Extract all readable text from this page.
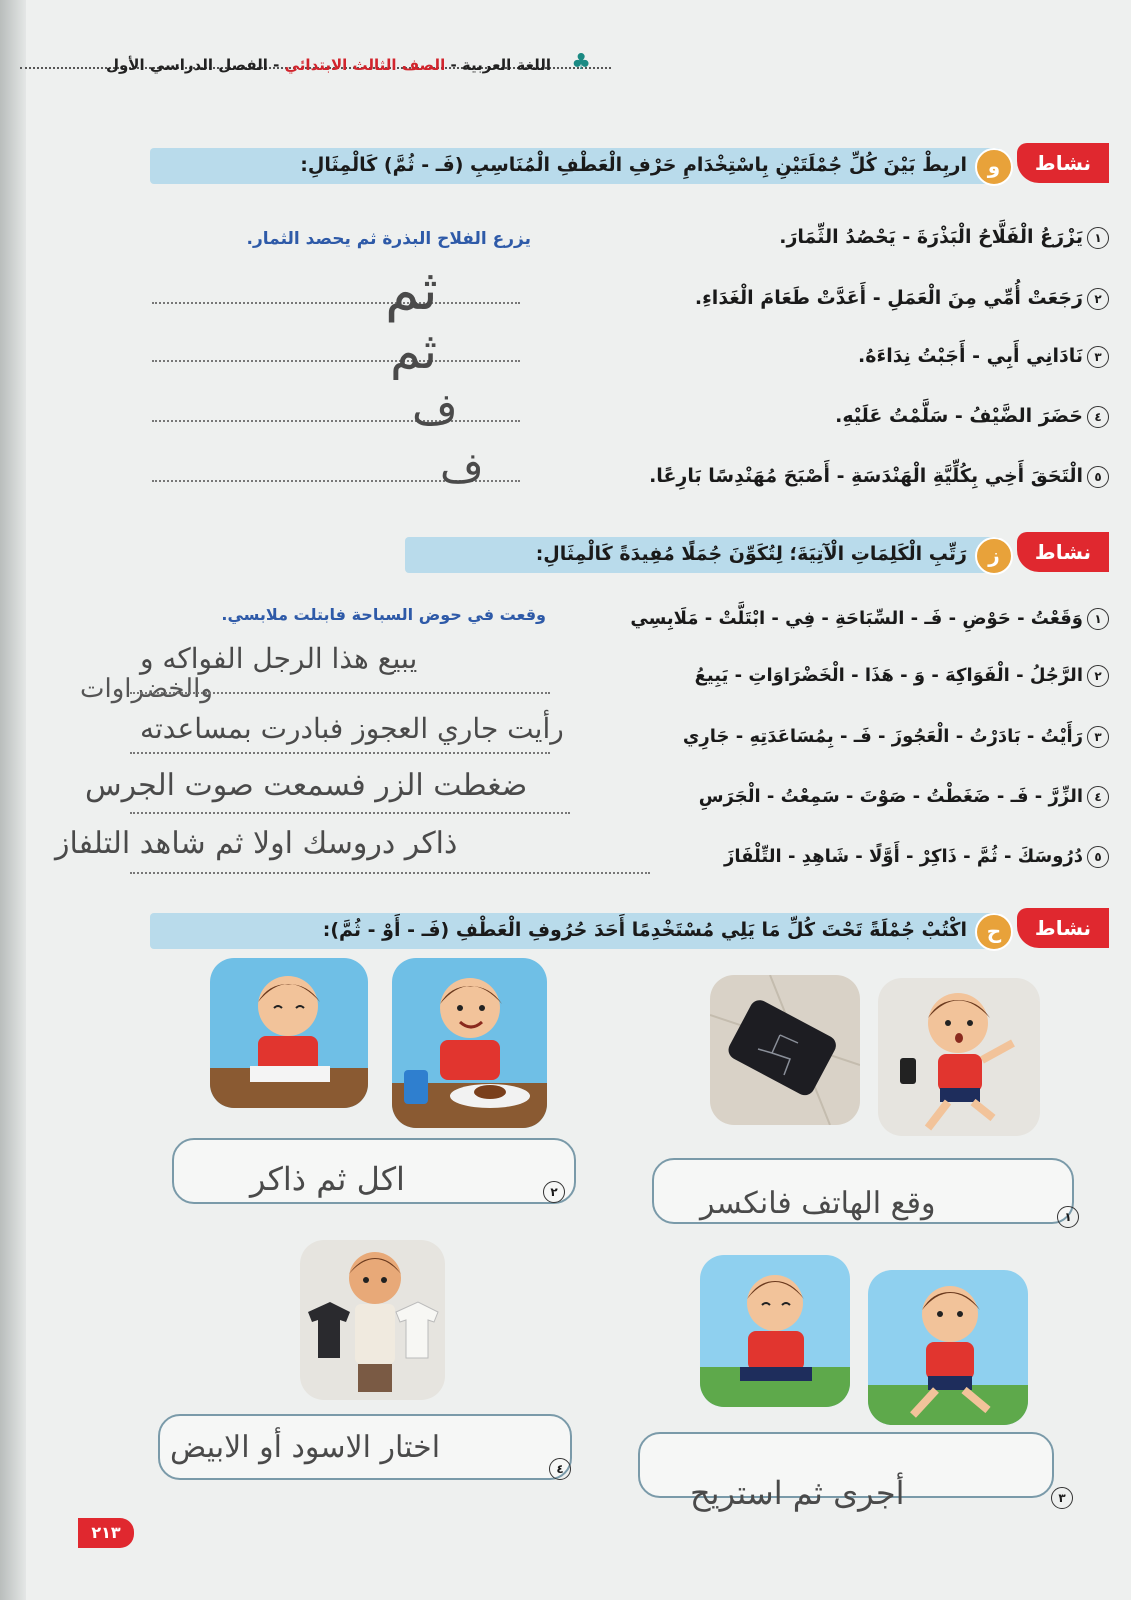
♣
اللغة العربية - الصف الثالث الابتدائي - الفصل الدراسي الأول
نشاط
و
اربِطْ بَيْنَ كُلِّ جُمْلَتَيْنِ بِاسْتِخْدَامِ حَرْفِ الْعَطْفِ الْمُنَاسِبِ (فَـ - ثُمَّ) كَالْمِثَالِ:
١يَزْرَعُ الْفَلَّاحُ الْبَذْرَةَ - يَحْصُدُ الثِّمَارَ.
يزرع الفلاح البذرة ثم يحصد الثمار.
٢رَجَعَتْ أُمِّي مِنَ الْعَمَلِ - أَعَدَّتْ طَعَامَ الْغَدَاءِ.
ثم
٣نَادَانِي أَبِي - أَجَبْتُ نِدَاءَهُ.
ثم
٤حَضَرَ الضَّيْفُ - سَلَّمْتُ عَلَيْهِ.
ف
٥الْتَحَقَ أَخِي بِكُلِّيَّةِ الْهَنْدَسَةِ - أَصْبَحَ مُهَنْدِسًا بَارِعًا.
ف
نشاط
ز
رَتِّبِ الْكَلِمَاتِ الْآتِيَةَ؛ لِتُكَوِّنَ جُمَلًا مُفِيدَةً كَالْمِثَالِ:
١وَقَعْتُ - حَوْضِ - فَـ - السِّبَاحَةِ - فِي - ابْتَلَّتْ - مَلَابِسِي
وقعت في حوض السباحة فابتلت ملابسي.
٢الرَّجُلُ - الْفَوَاكِهَ - وَ - هَذَا - الْخَضْرَاوَاتِ - يَبِيعُ
يبيع هذا الرجل الفواكه و
والخضراوات
٣رَأَيْتُ - بَادَرْتُ - الْعَجُوزَ - فَـ - بِمُسَاعَدَتِهِ - جَارِي
رأيت جاري العجوز فبادرت بمساعدته
٤الزِّرَّ - فَـ - ضَغَطْتُ - صَوْتَ - سَمِعْتُ - الْجَرَسِ
ضغطت الزر فسمعت صوت الجرس
٥دُرُوسَكَ - ثُمَّ - ذَاكِرْ - أَوَّلًا - شَاهِدِ - التِّلْفَازَ
ذاكر دروسك اولا ثم شاهد التلفاز
نشاط
ح
اكْتُبْ جُمْلَةً تَحْتَ كُلِّ مَا يَلِي مُسْتَخْدِمًا أَحَدَ حُرُوفِ الْعَطْفِ (فَـ - أَوْ - ثُمَّ):
١
وقع الهاتف فانكسر
٢
اكل ثم ذاكر
٣
أجرى ثم استريح
٤
اختار الاسود أو الابيض
٢١٣
